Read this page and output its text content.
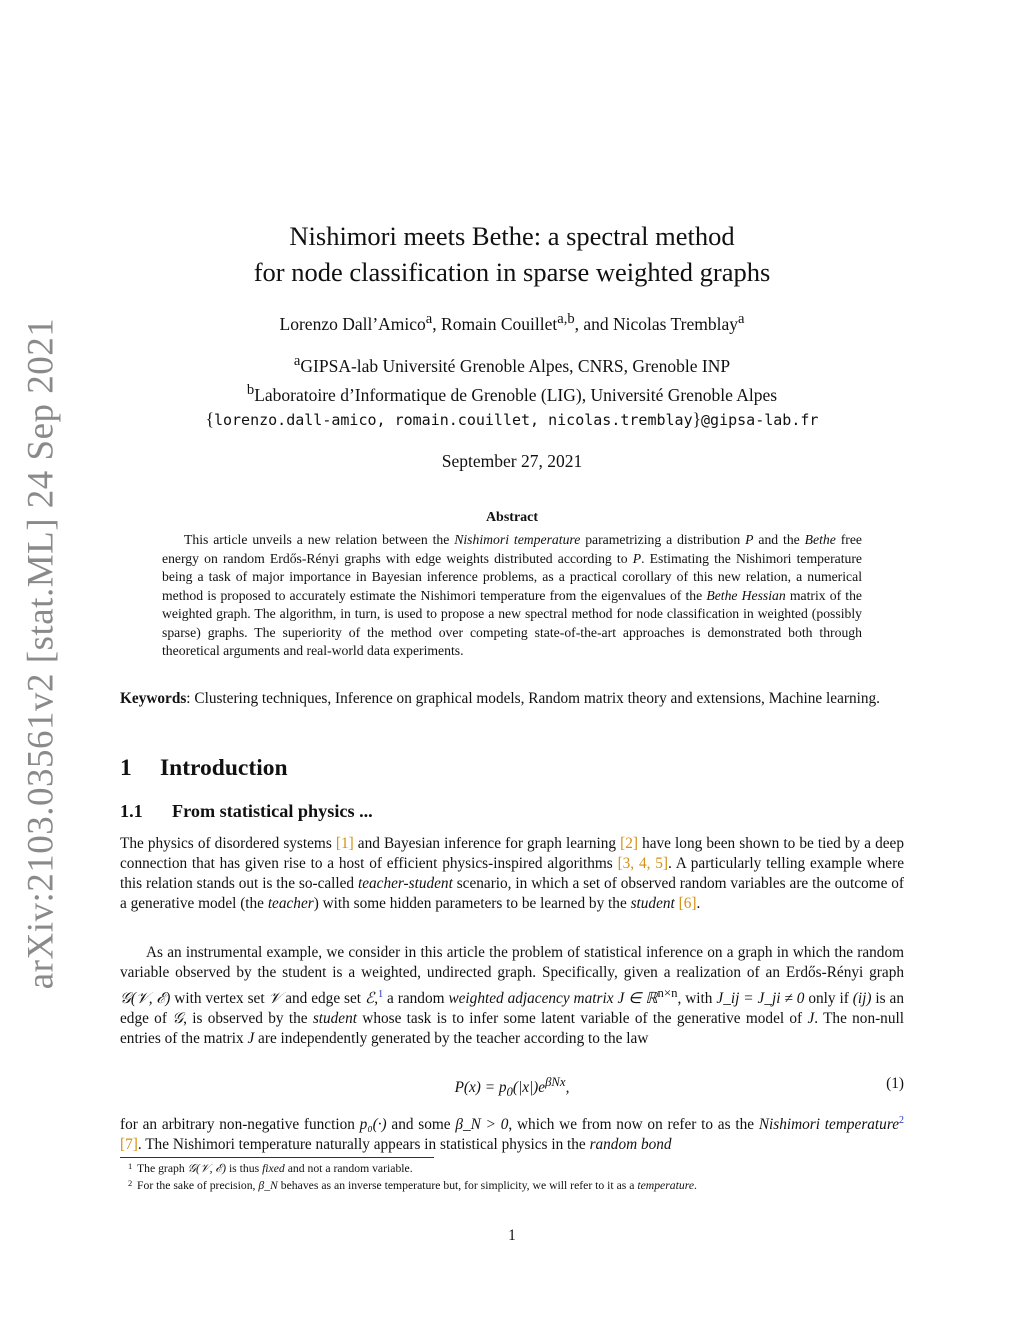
arXiv:2103.03561v2 [stat.ML] 24 Sep 2021
Nishimori meets Bethe: a spectral method
for node classification in sparse weighted graphs
Lorenzo Dall’Amico$^a$, Romain Couillet$^{a,b}$, and Nicolas Tremblay$^a$
$^a$GIPSA-lab Université Grenoble Alpes, CNRS, Grenoble INP
$^b$Laboratoire d’Informatique de Grenoble (LIG), Université Grenoble Alpes
{lorenzo.dall-amico, romain.couillet, nicolas.tremblay}@gipsa-lab.fr
September 27, 2021
Abstract
This article unveils a new relation between the Nishimori temperature parametrizing a distribution P and the Bethe free energy on random Erdős-Rényi graphs with edge weights distributed according to P. Estimating the Nishimori temperature being a task of major importance in Bayesian inference problems, as a practical corollary of this new relation, a numerical method is proposed to accurately estimate the Nishimori temperature from the eigenvalues of the Bethe Hessian matrix of the weighted graph. The algorithm, in turn, is used to propose a new spectral method for node classification in weighted (possibly sparse) graphs. The superiority of the method over competing state-of-the-art approaches is demonstrated both through theoretical arguments and real-world data experiments.
Keywords: Clustering techniques, Inference on graphical models, Random matrix theory and extensions, Machine learning.
1 Introduction
1.1 From statistical physics ...
The physics of disordered systems [1] and Bayesian inference for graph learning [2] have long been shown to be tied by a deep connection that has given rise to a host of efficient physics-inspired algorithms [3, 4, 5]. A particularly telling example where this relation stands out is the so-called teacher-student scenario, in which a set of observed random variables are the outcome of a generative model (the teacher) with some hidden parameters to be learned by the student [6].
As an instrumental example, we consider in this article the problem of statistical inference on a graph in which the random variable observed by the student is a weighted, undirected graph. Specifically, given a realization of an Erdős-Rényi graph 𝒢(𝒱, ℰ) with vertex set 𝒱 and edge set ℰ,$^1$ a random weighted adjacency matrix J ∈ ℝ$^{n\times n}$, with J_ij = J_ji ≠ 0 only if (ij) is an edge of 𝒢, is observed by the student whose task is to infer some latent variable of the generative model of J. The non-null entries of the matrix J are independently generated by the teacher according to the law
$P(x) = p_0(|x|)e^{\beta Nx}$,	(1)
for an arbitrary non-negative function p₀(·) and some β_N > 0, which we from now on refer to as the Nishimori temperature$^2$ [7]. The Nishimori temperature naturally appears in statistical physics in the random bond
1 The graph 𝒢(𝒱, ℰ) is thus fixed and not a random variable.
2 For the sake of precision, β_N behaves as an inverse temperature but, for simplicity, we will refer to it as a temperature.
1
